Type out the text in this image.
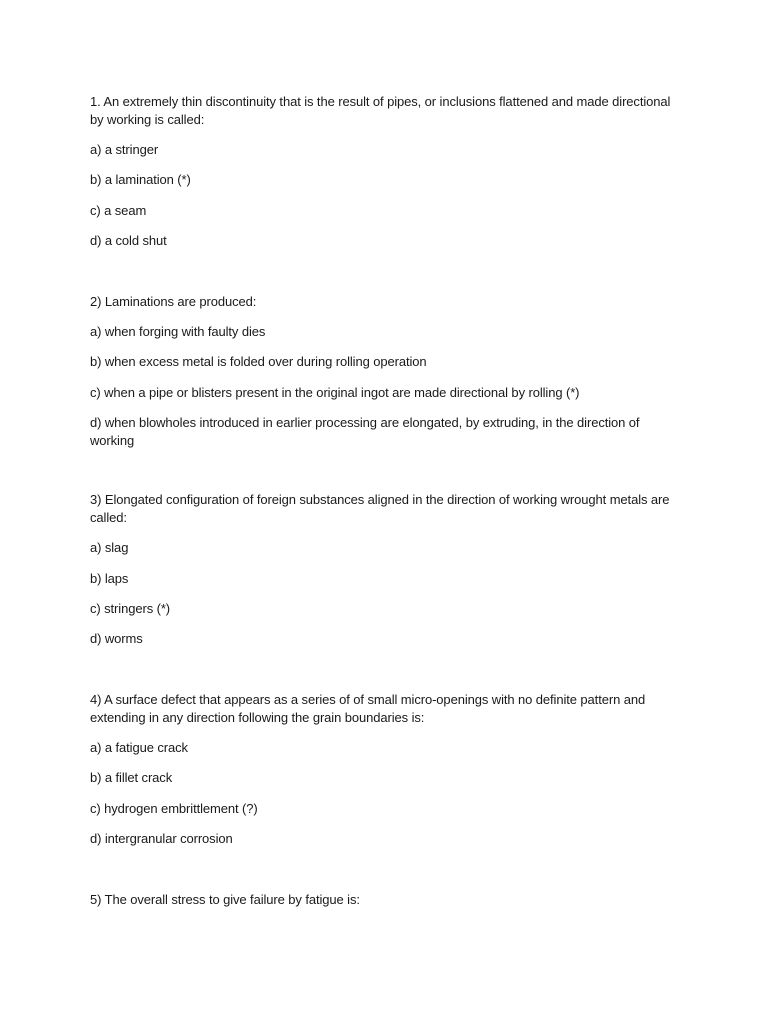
1. An extremely thin discontinuity that is the result of pipes, or inclusions flattened and made directional by working is called:
a) a stringer
b) a lamination (*)
c) a seam
d) a cold shut
2) Laminations are produced:
a) when forging with faulty dies
b) when excess metal is folded over during rolling operation
c) when a pipe or blisters present in the original ingot are made directional by rolling (*)
d) when blowholes introduced in earlier processing are elongated, by extruding, in the direction of working
3) Elongated configuration of foreign substances aligned in the direction of working wrought metals are called:
a) slag
b) laps
c) stringers (*)
d) worms
4) A surface defect that appears as a series of of small micro-openings with no definite pattern and extending in any direction following the grain boundaries is:
a) a fatigue crack
b) a fillet crack
c) hydrogen embrittlement (?)
d) intergranular corrosion
5) The overall stress to give failure by fatigue is:
